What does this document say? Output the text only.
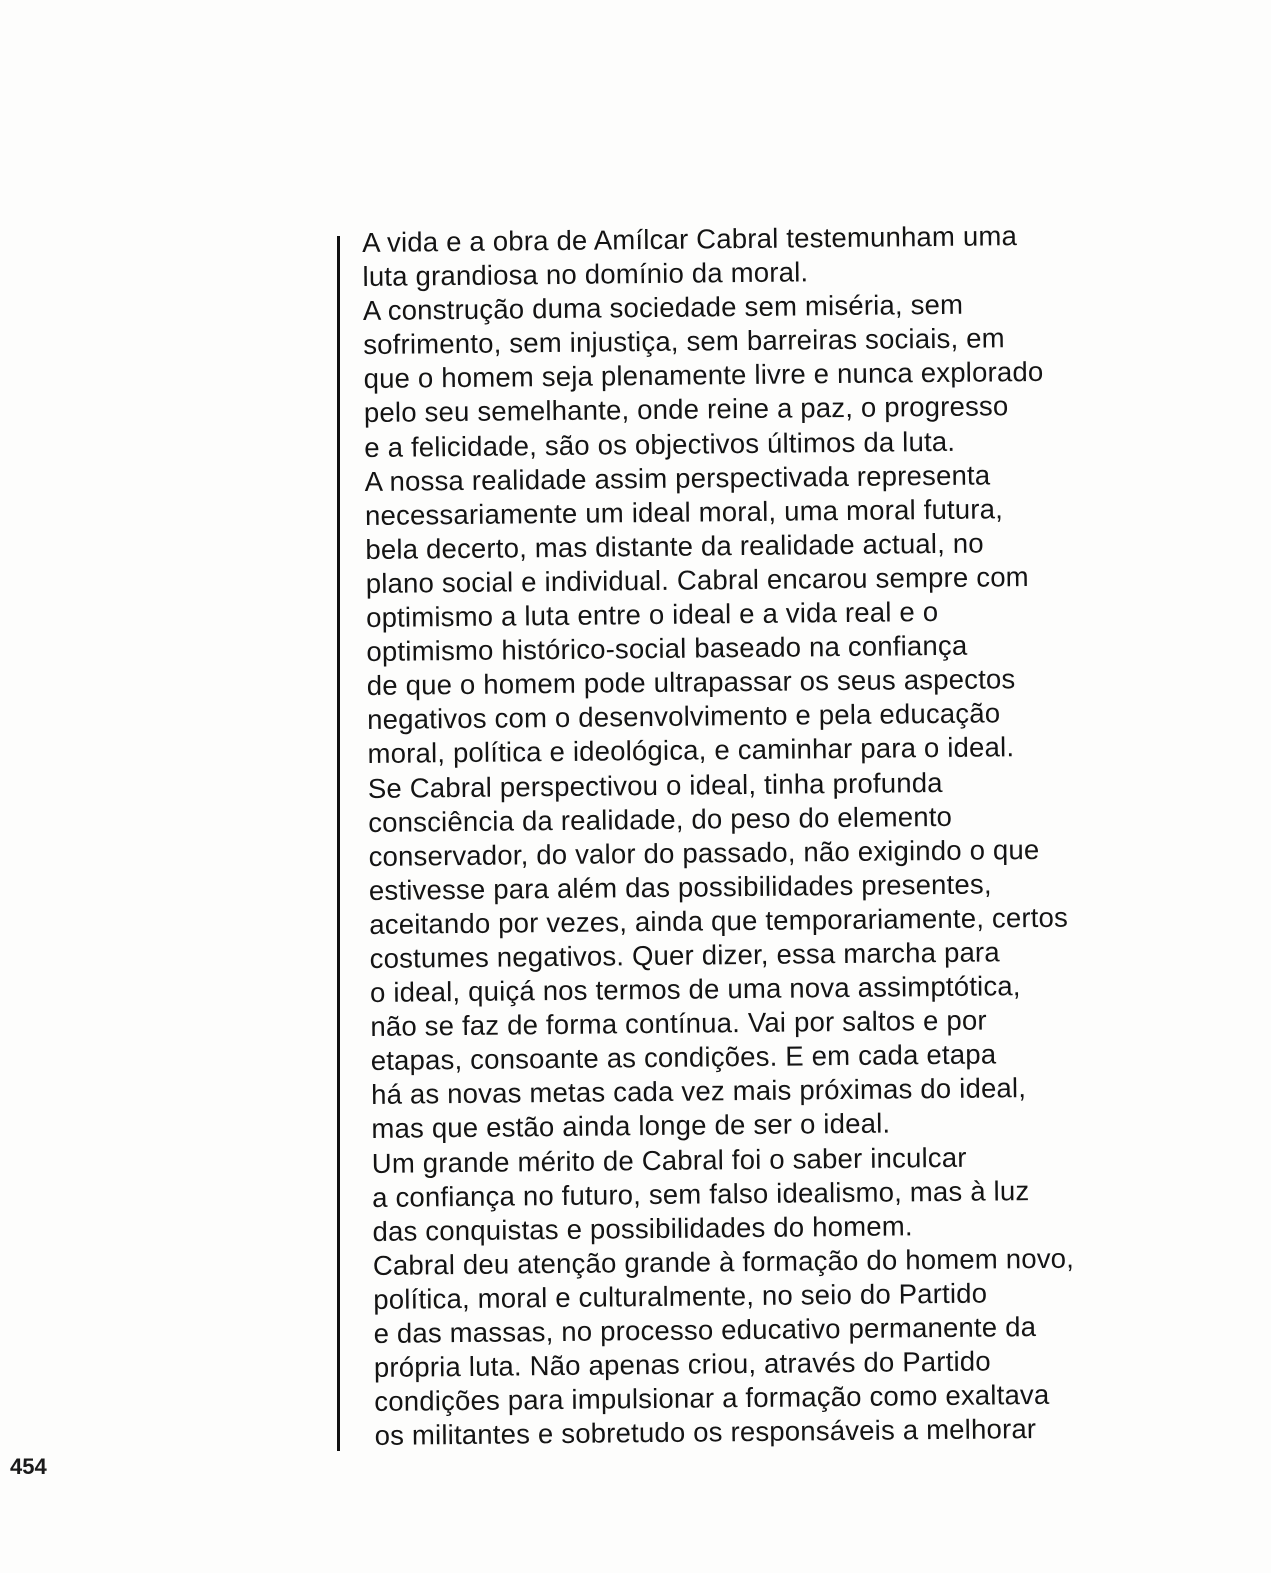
A vida e a obra de Amílcar Cabral testemunham uma
luta grandiosa no domínio da moral.
A construção duma sociedade sem miséria, sem
sofrimento, sem injustiça, sem barreiras sociais, em
que o homem seja plenamente livre e nunca explorado
pelo seu semelhante, onde reine a paz, o progresso
e a felicidade, são os objectivos últimos da luta.
A nossa realidade assim perspectivada representa
necessariamente um ideal moral, uma moral futura,
bela decerto, mas distante da realidade actual, no
plano social e individual. Cabral encarou sempre com
optimismo a luta entre o ideal e a vida real e o
optimismo histórico-social baseado na confiança
de que o homem pode ultrapassar os seus aspectos
negativos com o desenvolvimento e pela educação
moral, política e ideológica, e caminhar para o ideal.
Se Cabral perspectivou o ideal, tinha profunda
consciência da realidade, do peso do elemento
conservador, do valor do passado, não exigindo o que
estivesse para além das possibilidades presentes,
aceitando por vezes, ainda que temporariamente, certos
costumes negativos. Quer dizer, essa marcha para
o ideal, quiçá nos termos de uma nova assimptótica,
não se faz de forma contínua. Vai por saltos e por
etapas, consoante as condições. E em cada etapa
há as novas metas cada vez mais próximas do ideal,
mas que estão ainda longe de ser o ideal.
Um grande mérito de Cabral foi o saber inculcar
a confiança no futuro, sem falso idealismo, mas à luz
das conquistas e possibilidades do homem.
Cabral deu atenção grande à formação do homem novo,
política, moral e culturalmente, no seio do Partido
e das massas, no processo educativo permanente da
própria luta. Não apenas criou, através do Partido
condições para impulsionar a formação como exaltava
os militantes e sobretudo os responsáveis a melhorar
454
